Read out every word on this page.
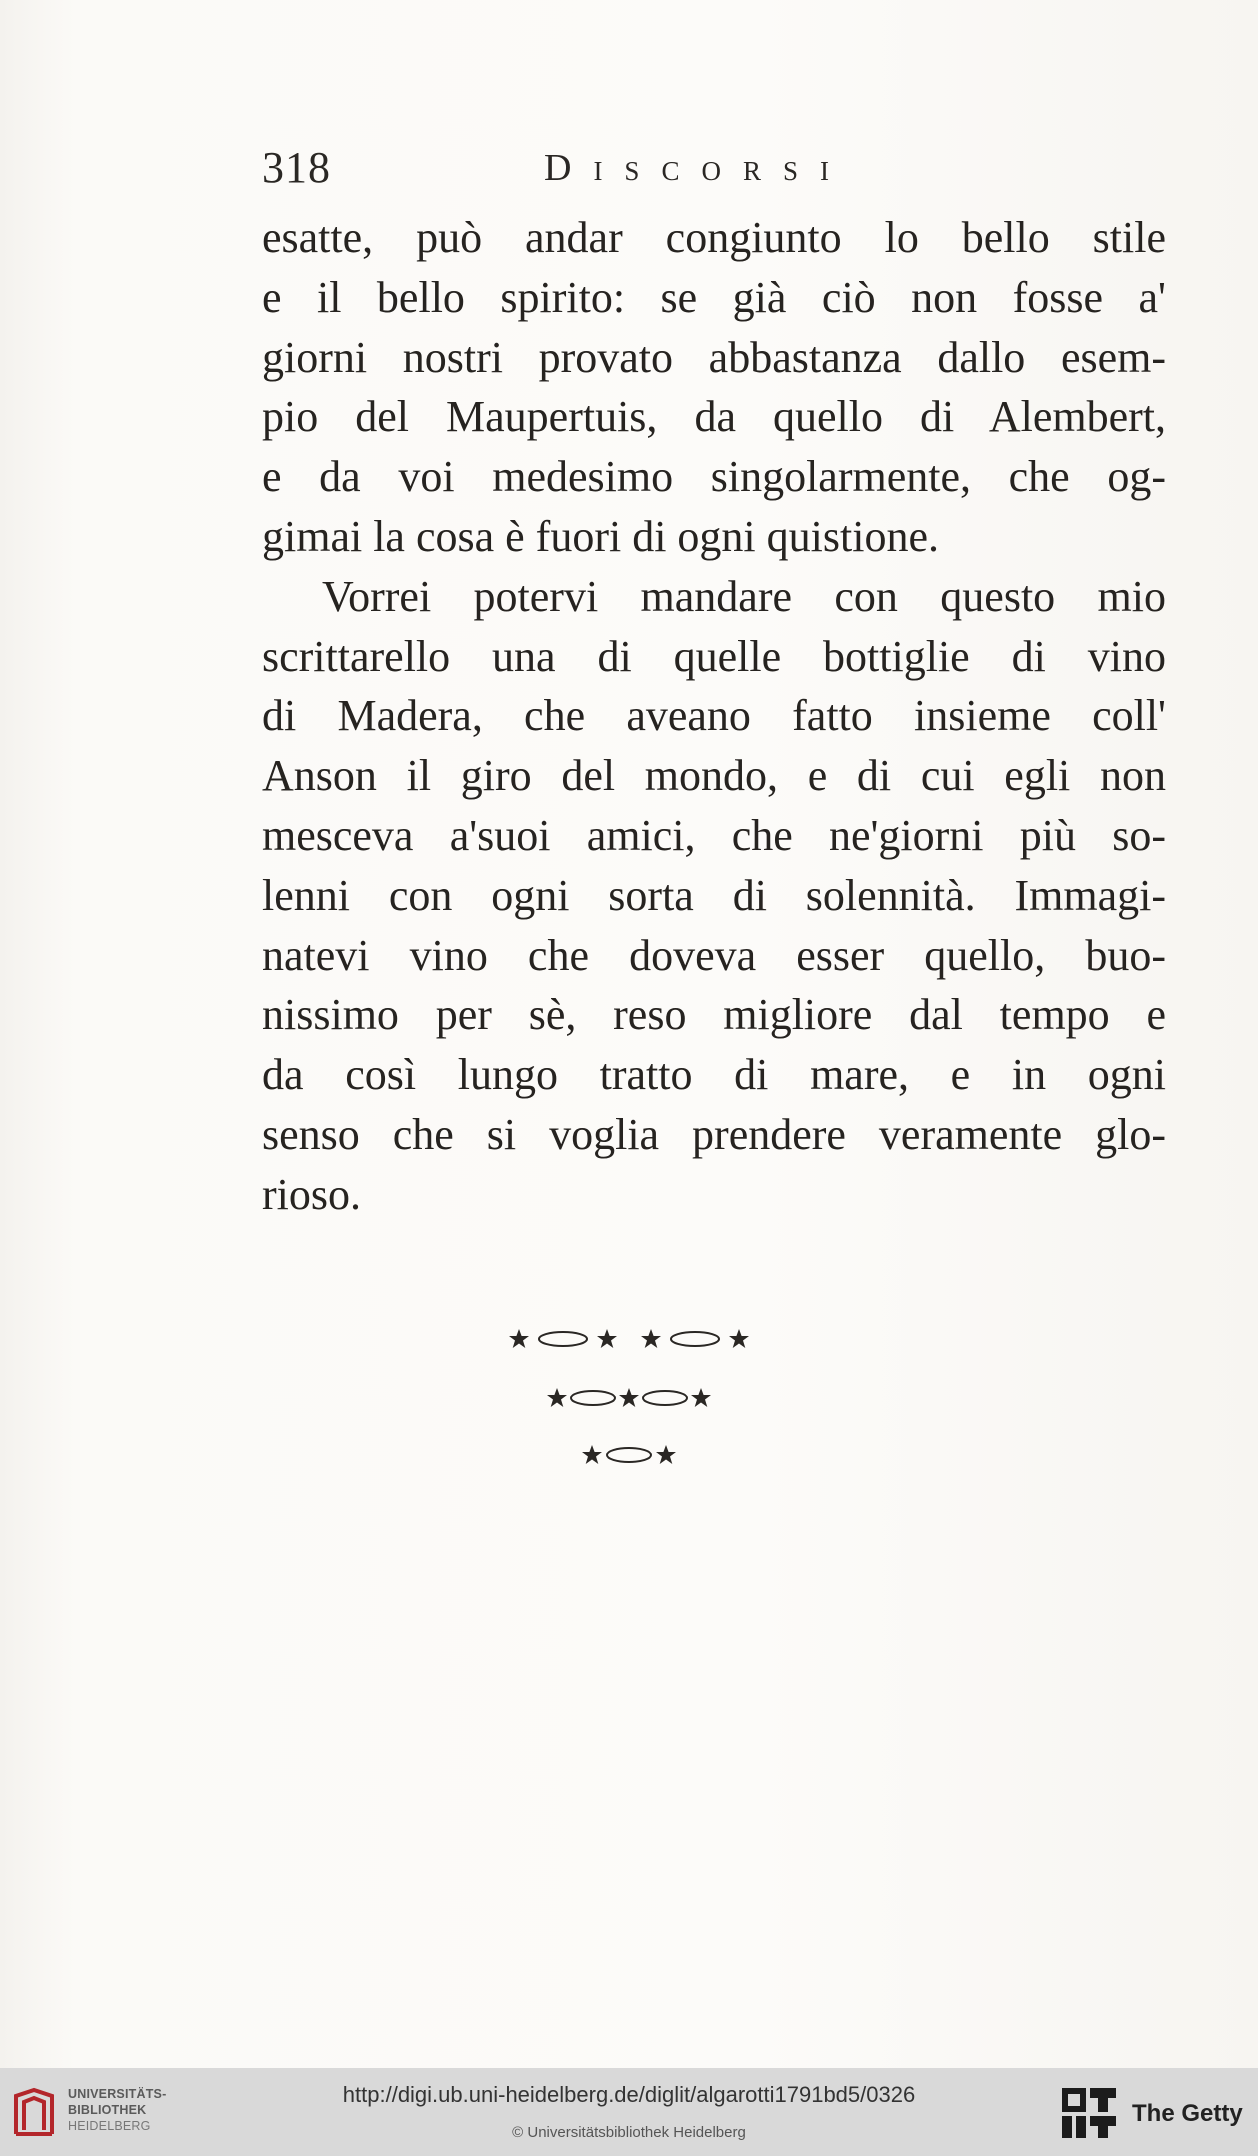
318	Discorsi
esatte, può andar congiunto lo bello stile
e il bello spirito: se già ciò non fosse a'
giorni nostri provato abbastanza dallo esem-
pio del Maupertuis, da quello di Alembert,
e da voi medesimo singolarmente, che og-
gimai la cosa è fuori di ogni quistione.
Vorrei potervi mandare con questo mio
scrittarello una di quelle bottiglie di vino
di Madera, che aveano fatto insieme coll'
Anson il giro del mondo, e di cui egli non
mesceva a'suoi amici, che ne'giorni più so-
lenni con ogni sorta di solennità. Immagi-
natevi vino che doveva esser quello, buo-
nissimo per sè, reso migliore dal tempo e
da così lungo tratto di mare, e in ogni
senso che si voglia prendere veramente glo-
rioso.
UNIVERSITÄTS-
BIBLIOTHEK
HEIDELBERG
http://digi.ub.uni-heidelberg.de/diglit/algarotti1791bd5/0326
© Universitätsbibliothek Heidelberg
The Getty
